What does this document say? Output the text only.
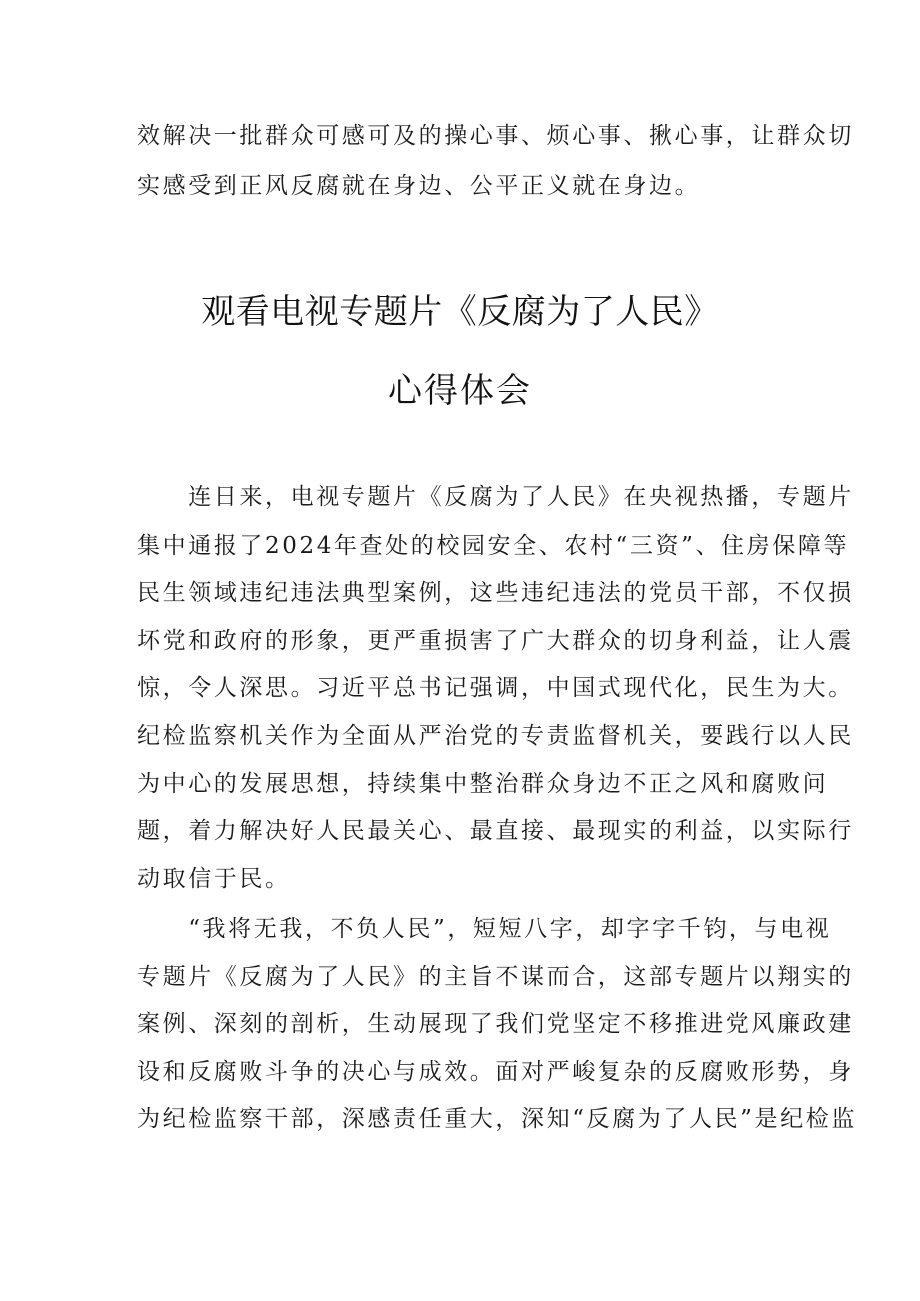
效解决一批群众可感可及的操心事、烦心事、揪心事，让群众切
实感受到正风反腐就在身边、公平正义就在身边。
观看电视专题片《反腐为了人民》
心得体会
　　连日来，电视专题片《反腐为了人民》在央视热播，专题片
集中通报了2024年查处的校园安全、农村“三资”、住房保障等
民生领域违纪违法典型案例，这些违纪违法的党员干部，不仅损
坏党和政府的形象，更严重损害了广大群众的切身利益，让人震
惊，令人深思。习近平总书记强调，中国式现代化，民生为大。
纪检监察机关作为全面从严治党的专责监督机关，要践行以人民
为中心的发展思想，持续集中整治群众身边不正之风和腐败问
题，着力解决好人民最关心、最直接、最现实的利益，以实际行
动取信于民。
　　“我将无我，不负人民”，短短八字，却字字千钧，与电视
专题片《反腐为了人民》的主旨不谋而合，这部专题片以翔实的
案例、深刻的剖析，生动展现了我们党坚定不移推进党风廉政建
设和反腐败斗争的决心与成效。面对严峻复杂的反腐败形势，身
为纪检监察干部，深感责任重大，深知“反腐为了人民”是纪检监
